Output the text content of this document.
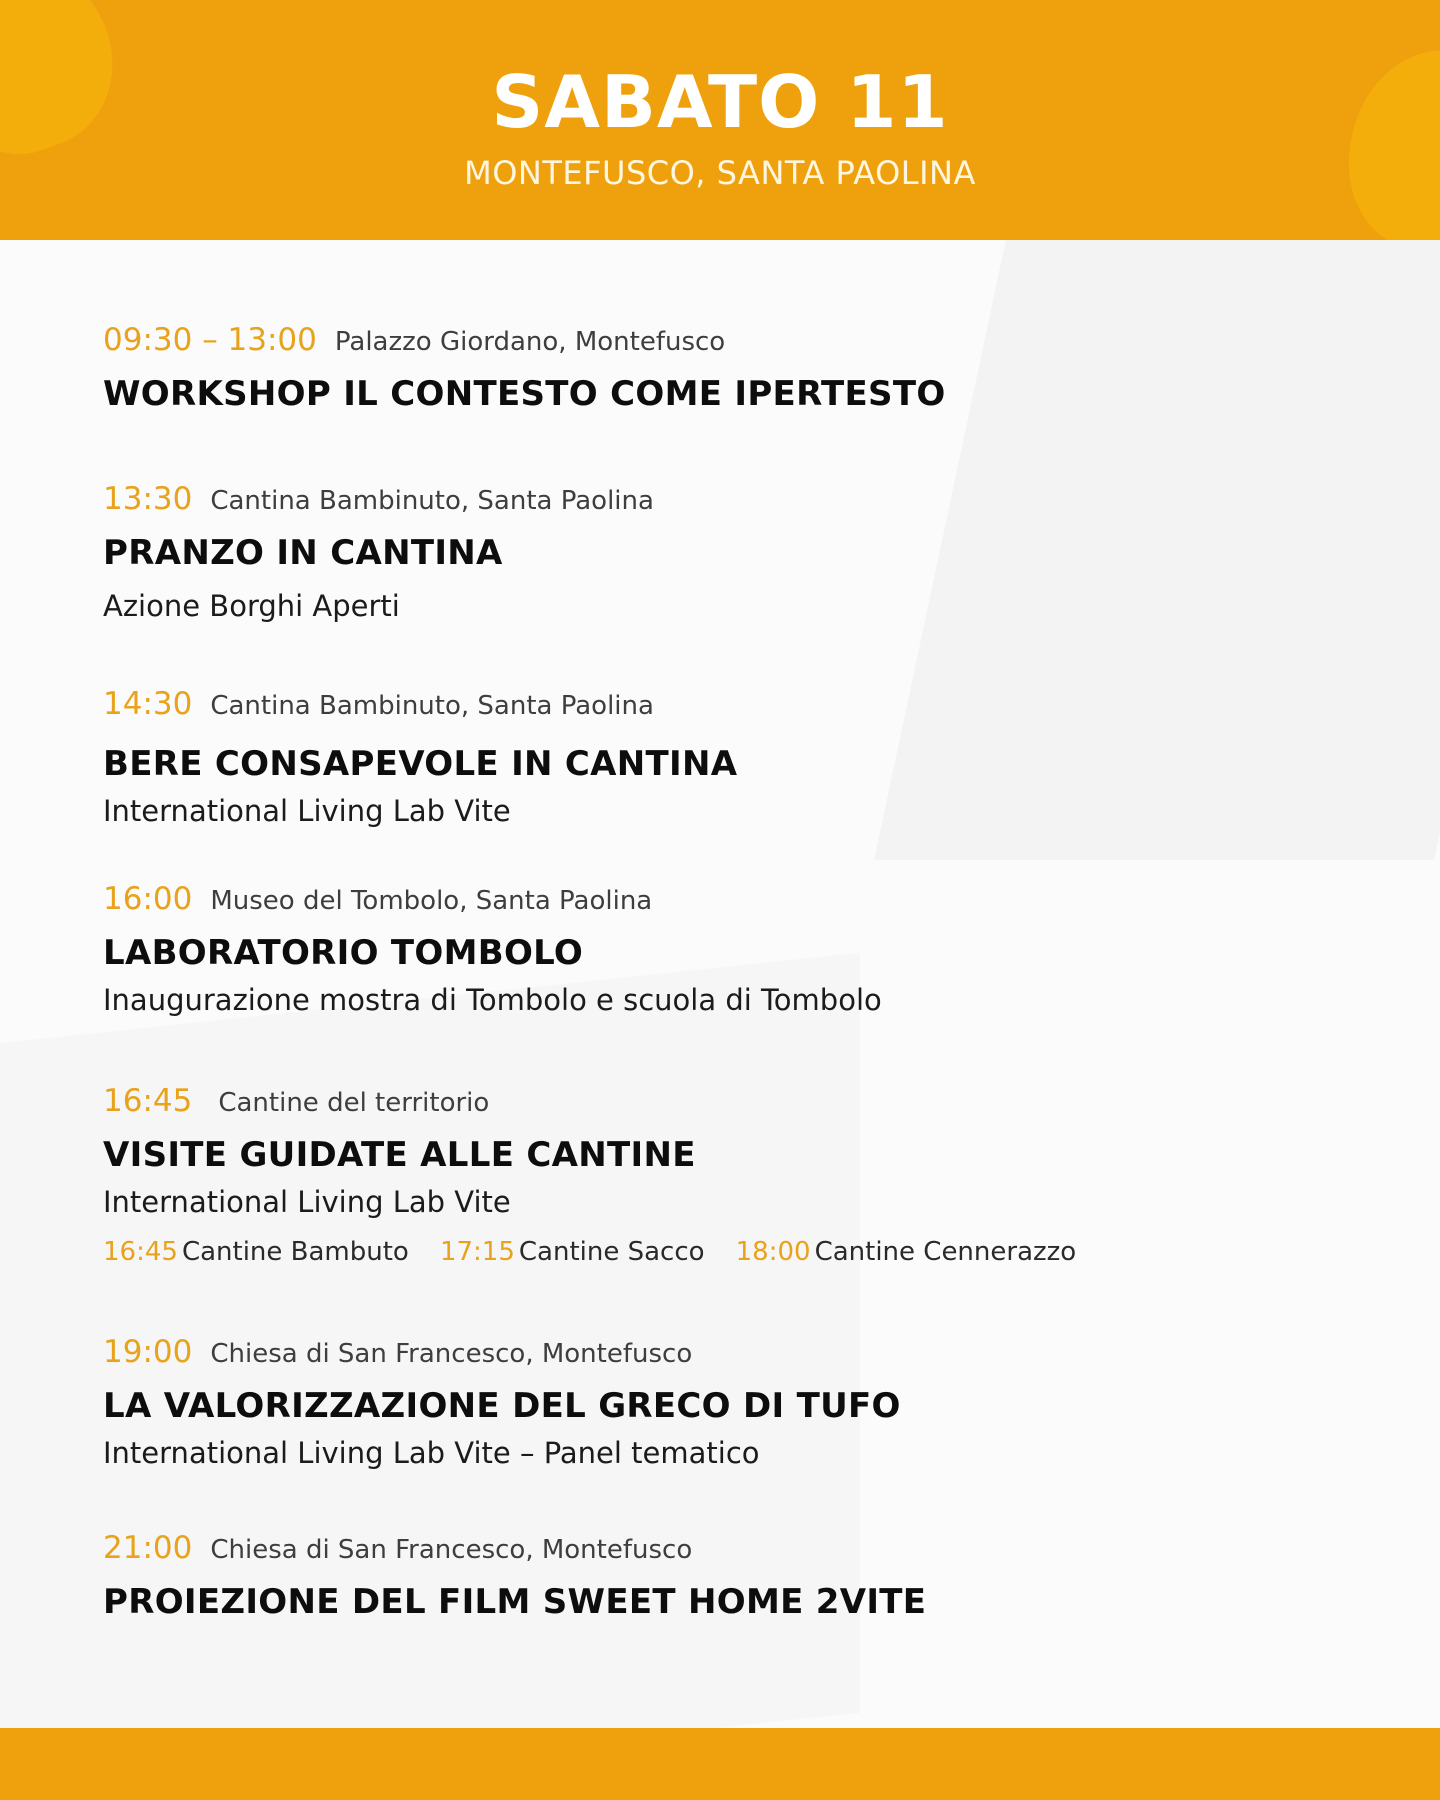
SABATO 11
MONTEFUSCO, SANTA PAOLINA
09:30 – 13:00 Palazzo Giordano, Montefusco
WORKSHOP IL CONTESTO COME IPERTESTO
13:30 Cantina Bambinuto, Santa Paolina
PRANZO IN CANTINA
Azione Borghi Aperti
14:30 Cantina Bambinuto, Santa Paolina
BERE CONSAPEVOLE IN CANTINA
International Living Lab Vite
16:00 Museo del Tombolo, Santa Paolina
LABORATORIO TOMBOLO
Inaugurazione mostra di Tombolo e scuola di Tombolo
16:45 Cantine del territorio
VISITE GUIDATE ALLE CANTINE
International Living Lab Vite
16:45 Cantine Bambuto 17:15 Cantine Sacco 18:00 Cantine Cennerazzo
19:00 Chiesa di San Francesco, Montefusco
LA VALORIZZAZIONE DEL GRECO DI TUFO
International Living Lab Vite – Panel tematico
21:00 Chiesa di San Francesco, Montefusco
PROIEZIONE DEL FILM SWEET HOME 2VITE
